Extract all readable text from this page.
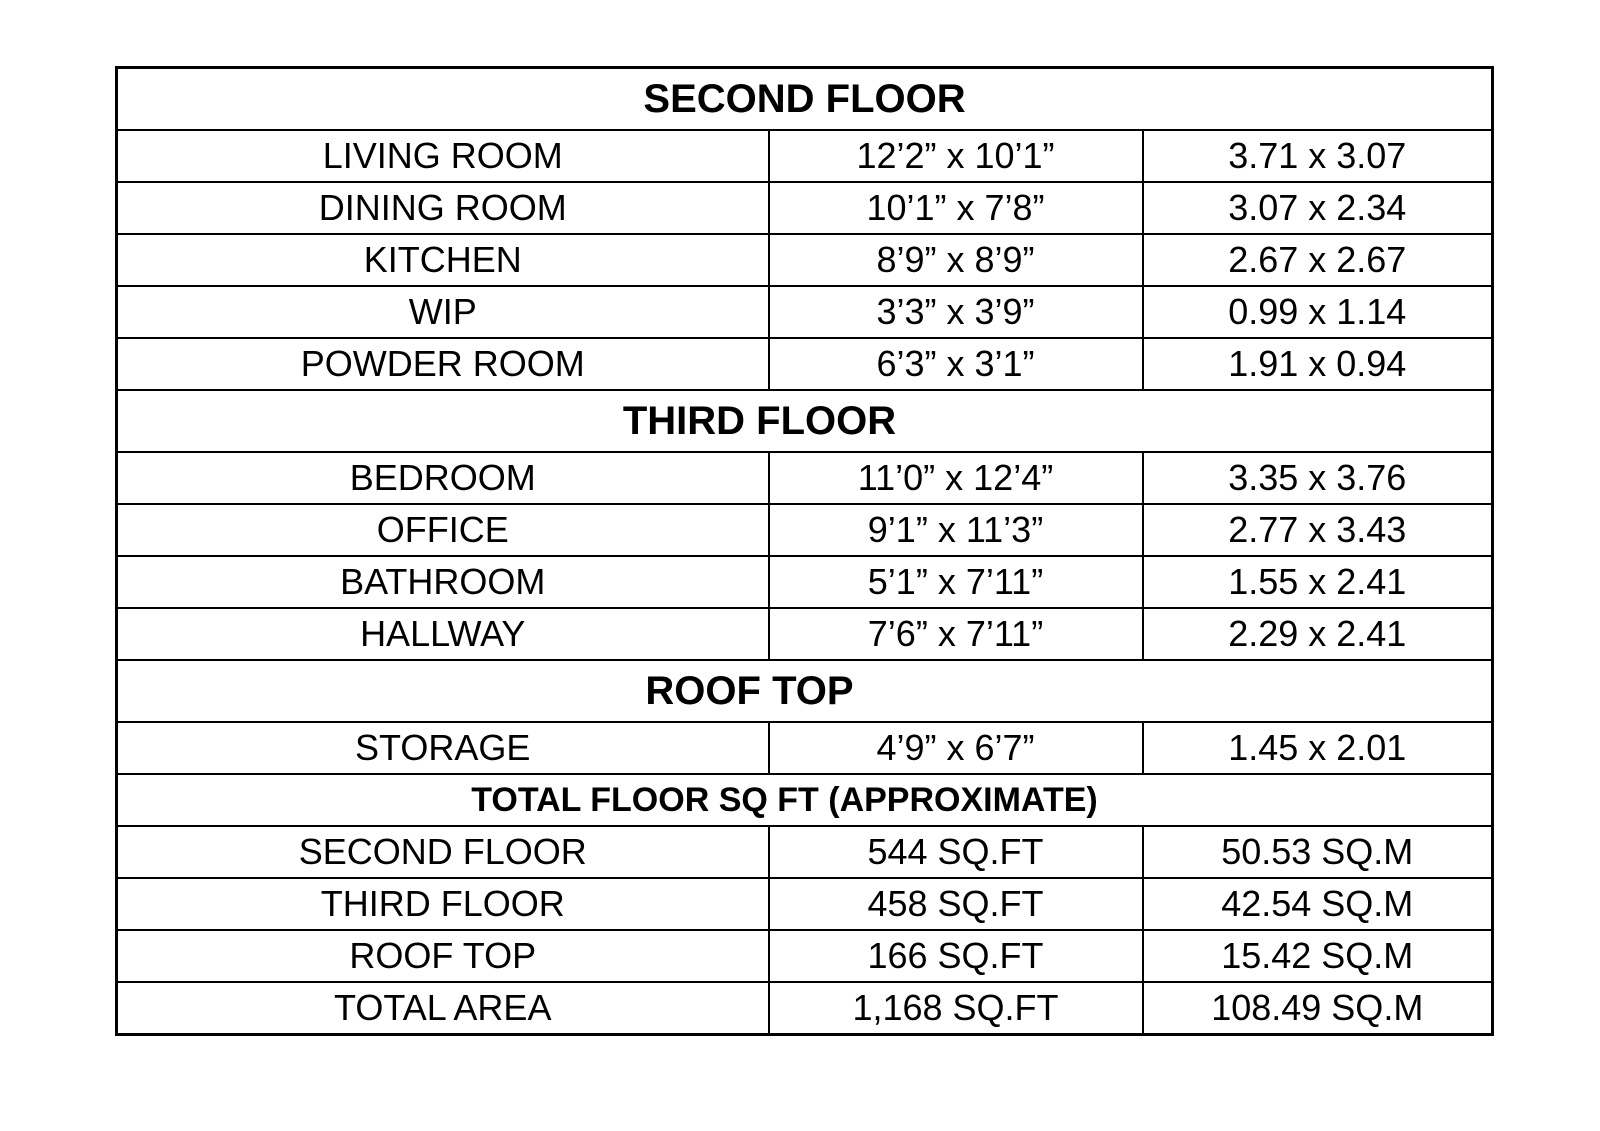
SECOND FLOOR		
LIVING ROOM	12’2” x 10’1”	3.71 x 3.07
DINING ROOM	10’1” x 7’8”	3.07 x 2.34
KITCHEN	8’9” x 8’9”	2.67 x 2.67
WIP	3’3” x 3’9”	0.99 x 1.14
POWDER ROOM	6’3” x 3’1”	1.91 x 0.94
THIRD FLOOR		
BEDROOM	11’0” x 12’4”	3.35 x 3.76
OFFICE	9’1” x 11’3”	2.77 x 3.43
BATHROOM	5’1” x 7’11”	1.55 x 2.41
HALLWAY	7’6” x 7’11”	2.29 x 2.41
ROOF TOP		
STORAGE	4’9” x 6’7”	1.45 x 2.01
TOTAL FLOOR SQ FT (APPROXIMATE)		
SECOND FLOOR	544 SQ.FT	50.53 SQ.M
THIRD FLOOR	458 SQ.FT	42.54 SQ.M
ROOF TOP	166 SQ.FT	15.42 SQ.M
TOTAL AREA	1,168 SQ.FT	108.49 SQ.M
